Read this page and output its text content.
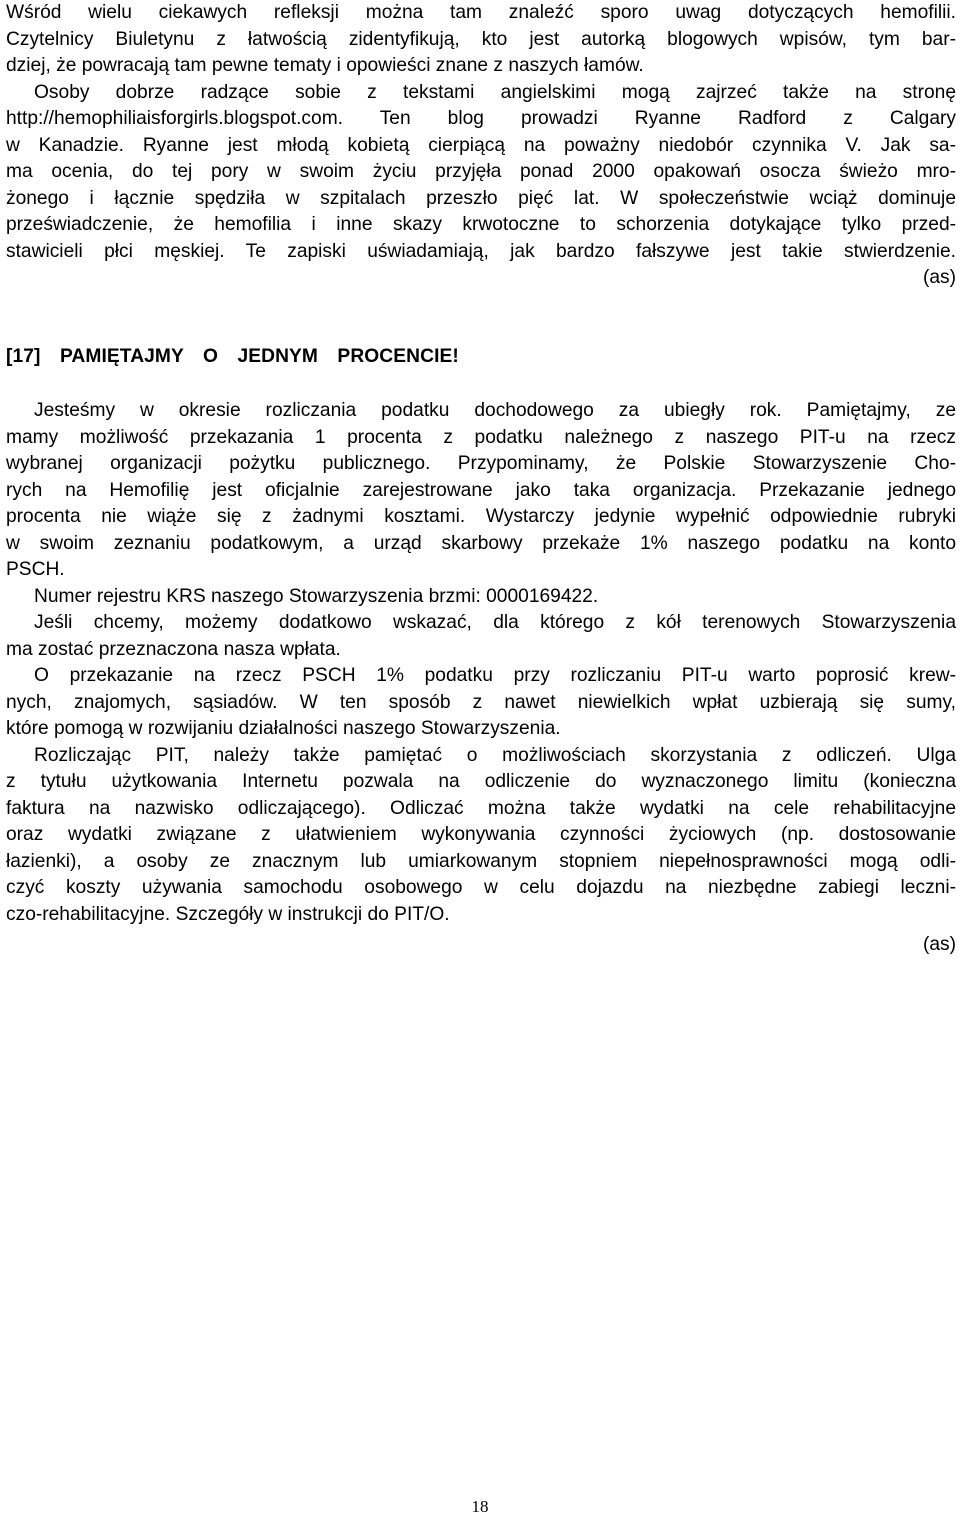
Wśród wielu ciekawych refleksji można tam znaleźć sporo uwag dotyczących hemofilii.
Czytelnicy Biuletynu z łatwością zidentyfikują, kto jest autorką blogowych wpisów, tym bar-
dziej, że powracają tam pewne tematy i opowieści znane z naszych łamów.
Osoby dobrze radzące sobie z tekstami angielskimi mogą zajrzeć także na stronę
http://hemophiliaisforgirls.blogspot.com. Ten blog prowadzi Ryanne Radford z Calgary
w Kanadzie. Ryanne jest młodą kobietą cierpiącą na poważny niedobór czynnika V. Jak sa-
ma ocenia, do tej pory w swoim życiu przyjęła ponad 2000 opakowań osocza świeżo mro-
żonego i łącznie spędziła w szpitalach przeszło pięć lat. W społeczeństwie wciąż dominuje
przeświadczenie, że hemofilia i inne skazy krwotoczne to schorzenia dotykające tylko przed-
stawicieli płci męskiej. Te zapiski uświadamiają, jak bardzo fałszywe jest takie stwierdzenie.
(as)
[17] PAMIĘTAJMY O JEDNYM PROCENCIE!
Jesteśmy w okresie rozliczania podatku dochodowego za ubiegły rok. Pamiętajmy, ze
mamy możliwość przekazania 1 procenta z podatku należnego z naszego PIT-u na rzecz
wybranej organizacji pożytku publicznego. Przypominamy, że Polskie Stowarzyszenie Cho-
rych na Hemofilię jest oficjalnie zarejestrowane jako taka organizacja. Przekazanie jednego
procenta nie wiąże się z żadnymi kosztami. Wystarczy jedynie wypełnić odpowiednie rubryki
w swoim zeznaniu podatkowym, a urząd skarbowy przekaże 1% naszego podatku na konto
PSCH.
Numer rejestru KRS naszego Stowarzyszenia brzmi: 0000169422.
Jeśli chcemy, możemy dodatkowo wskazać, dla którego z kół terenowych Stowarzyszenia
ma zostać przeznaczona nasza wpłata.
O przekazanie na rzecz PSCH 1% podatku przy rozliczaniu PIT-u warto poprosić krew-
nych, znajomych, sąsiadów. W ten sposób z nawet niewielkich wpłat uzbierają się sumy,
które pomogą w rozwijaniu działalności naszego Stowarzyszenia.
Rozliczając PIT, należy także pamiętać o możliwościach skorzystania z odliczeń. Ulga
z tytułu użytkowania Internetu pozwala na odliczenie do wyznaczonego limitu (konieczna
faktura na nazwisko odliczającego). Odliczać można także wydatki na cele rehabilitacyjne
oraz wydatki związane z ułatwieniem wykonywania czynności życiowych (np. dostosowanie
łazienki), a osoby ze znacznym lub umiarkowanym stopniem niepełnosprawności mogą odli-
czyć koszty używania samochodu osobowego w celu dojazdu na niezbędne zabiegi leczni-
czo-rehabilitacyjne. Szczegóły w instrukcji do PIT/O.
(as)
18
